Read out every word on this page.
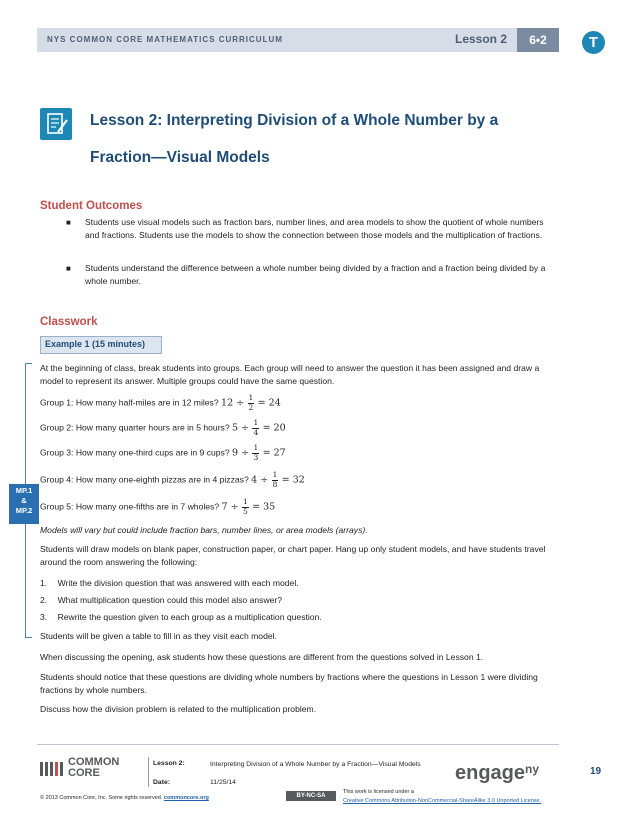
NYS COMMON CORE MATHEMATICS CURRICULUM	Lesson 2	6•2	T
Lesson 2: Interpreting Division of a Whole Number by a
Fraction—Visual Models
Student Outcomes
■ Students use visual models such as fraction bars, number lines, and area models to show the quotient of whole numbers and fractions. Students use the models to show the connection between those models and the multiplication of fractions.
■ Students understand the difference between a whole number being divided by a fraction and a fraction being divided by a whole number.
Classwork
Example 1 (15 minutes)
MP.1
&
MP.2
At the beginning of class, break students into groups. Each group will need to answer the question it has been assigned and draw a model to represent its answer. Multiple groups could have the same question.
Group 1: How many half-miles are in 12 miles? $12 \div \frac{1}{2} = 24$
Group 2: How many quarter hours are in 5 hours? $5 \div \frac{1}{4} = 20$
Group 3: How many one-third cups are in 9 cups? $9 \div \frac{1}{3} = 27$
Group 4: How many one-eighth pizzas are in 4 pizzas? $4 \div \frac{1}{8} = 32$
Group 5: How many one-fifths are in 7 wholes? $7 \div \frac{1}{5} = 35$
Models will vary but could include fraction bars, number lines, or area models (arrays).
Students will draw models on blank paper, construction paper, or chart paper. Hang up only student models, and have students travel around the room answering the following:
1. Write the division question that was answered with each model.
2. What multiplication question could this model also answer?
3. Rewrite the question given to each group as a multiplication question.
Students will be given a table to fill in as they visit each model.
When discussing the opening, ask students how these questions are different from the questions solved in Lesson 1.
Students should notice that these questions are dividing whole numbers by fractions where the questions in Lesson 1 were dividing fractions by whole numbers.
Discuss how the division problem is related to the multiplication problem.
COMMON
CORE
Lesson 2:	Interpreting Division of a Whole Number by a Fraction—Visual Models
Date:	11/25/14
© 2013 Common Core, Inc. Some rights reserved. commoncore.org	BY-NC-SA
This work is licensed under a
Creative Commons Attribution-NonCommercial-ShareAlike 3.0 Unported License.
engage$^{ny}$	19
